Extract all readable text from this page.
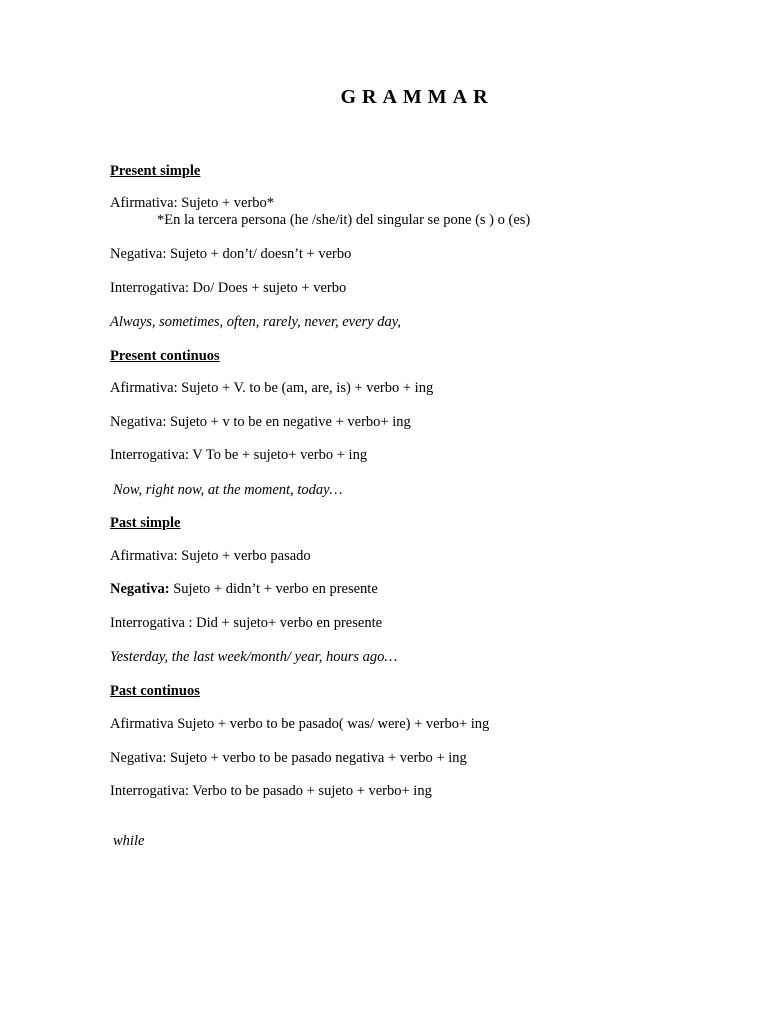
GRAMMAR
Present simple
Afirmativa: Sujeto + verbo*
*En la tercera persona (he /she/it) del singular se pone (s ) o (es)
Negativa: Sujeto + don’t/ doesn’t + verbo
Interrogativa: Do/ Does + sujeto + verbo
Always, sometimes, often, rarely, never, every day,
Present continuos
Afirmativa: Sujeto + V. to be (am, are, is) + verbo + ing
Negativa: Sujeto + v to be en negative + verbo+ ing
Interrogativa: V To be + sujeto+ verbo + ing
Now, right now, at the moment, today…
Past simple
Afirmativa: Sujeto + verbo pasado
Negativa: Sujeto + didn’t + verbo en presente
Interrogativa : Did + sujeto+ verbo en presente
Yesterday, the last week/month/ year, hours ago…
Past continuos
Afirmativa Sujeto + verbo to be pasado( was/ were) + verbo+ ing
Negativa: Sujeto + verbo to be pasado negativa + verbo + ing
Interrogativa: Verbo to be pasado + sujeto + verbo+ ing
while
